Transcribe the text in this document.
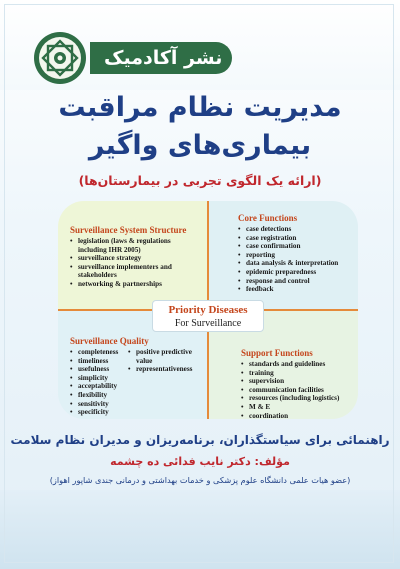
نشر آکادمیک
مدیریت نظام مراقبت
بیماری‌های واگیر
(ارائه یک الگوی تجربی در بیمارستان‌ها)
Surveillance System Structure
• legislation (laws & regulations
including IHR 2005)
• surveillance strategy
• surveillance implementers and
stakeholders
• networking & partnerships
Core Functions
• case detections
• case registration
• case confirmation
• reporting
• data analysis & interpretation
• epidemic preparedness
• response and control
• feedback
Surveillance Quality
• completeness
• timeliness
• usefulness
• simplicity
• acceptability
• flexibility
• sensitivity
• specificity
• positive predictive
value
• representativeness
Support Functions
• standards and guidelines
• training
• supervision
• communication facilities
• resources (including logistics)
• M & E
• coordination
Priority Diseases
For Surveillance
راهنمائی برای سیاستگذاران، برنامه‌ریزان و مدیران نظام سلامت
مؤلف: دکتر نایب فدائی ده چشمه
(عضو هیات علمی دانشگاه علوم پزشکی و خدمات بهداشتی و درمانی جندی شاپور اهواز)
